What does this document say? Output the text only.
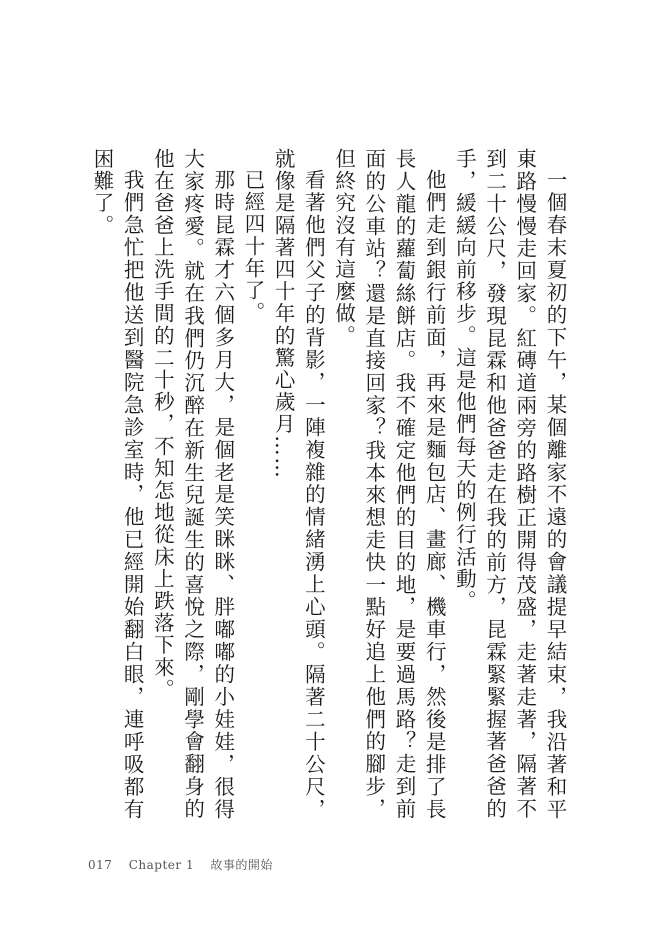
一個春末夏初的下午，某個離家不遠的會議提早結束，我沿著和平東路慢慢走回家。紅磚道兩旁的路樹正開得茂盛，走著走著，隔著不到二十公尺，發現昆霖和他爸爸走在我的前方，昆霖緊緊握著爸爸的手，緩緩向前移步。這是他們每天的例行活動。

他們走到銀行前面，再來是麵包店、畫廊、機車行，然後是排了長長人龍的蘿蔔絲餅店。我不確定他們的目的地，是要過馬路？走到前面的公車站？還是直接回家？我本來想走快一點好追上他們的腳步，但終究沒有這麼做。

看著他們父子的背影，一陣複雜的情緒湧上心頭。隔著二十公尺，就像是隔著四十年的驚心歲月……

已經四十年了。

那時昆霖才六個多月大，是個老是笑眯眯、胖嘟嘟的小娃娃，很得大家疼愛。就在我們仍沉醉在新生兒誕生的喜悅之際，剛學會翻身的他在爸爸上洗手間的二十秒，不知怎地從床上跌落下來。

我們急忙把他送到醫院急診室時，他已經開始翻白眼，連呼吸都有困難了。

017 Chapter 1 故事的開始
